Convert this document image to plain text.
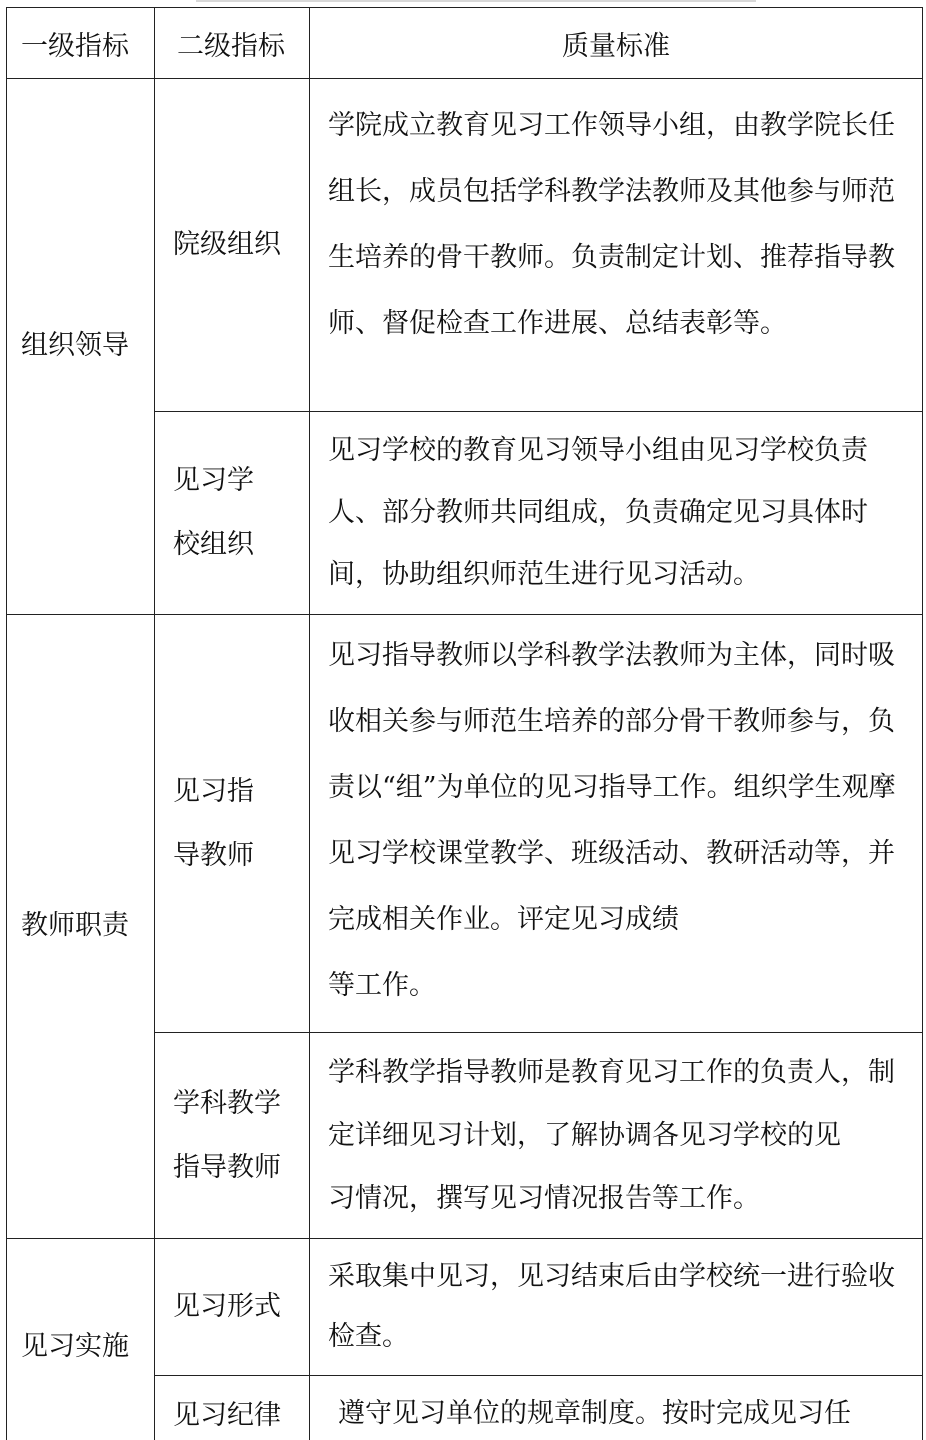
一级指标	二级指标	质量标准
组织领导	院级组织	学院成立教育见习工作领导小组，由教学院长任组长，成员包括学科教学法教师及其他参与师范生培养的骨干教师。负责制定计划、推荐指导教师、督促检查工作进展、总结表彰等。
	见习学校组织	见习学校的教育见习领导小组由见习学校负责人、部分教师共同组成，负责确定见习具体时间，协助组织师范生进行见习活动。
教师职责	见习指导教师	见习指导教师以学科教学法教师为主体，同时吸收相关参与师范生培养的部分骨干教师参与，负责以“组”为单位的见习指导工作。组织学生观摩见习学校课堂教学、班级活动、教研活动等，并完成相关作业。评定见习成绩
等工作。

	学科教学指导教师	学科教学指导教师是教育见习工作的负责人，制定详细见习计划，了解协调各见习学校的见
习情况，撰写见习情况报告等工作。

见习实施	见习形式	采取集中见习，见习结束后由学校统一进行验收检查。
	见习纪律	遵守见习单位的规章制度。按时完成见习任
